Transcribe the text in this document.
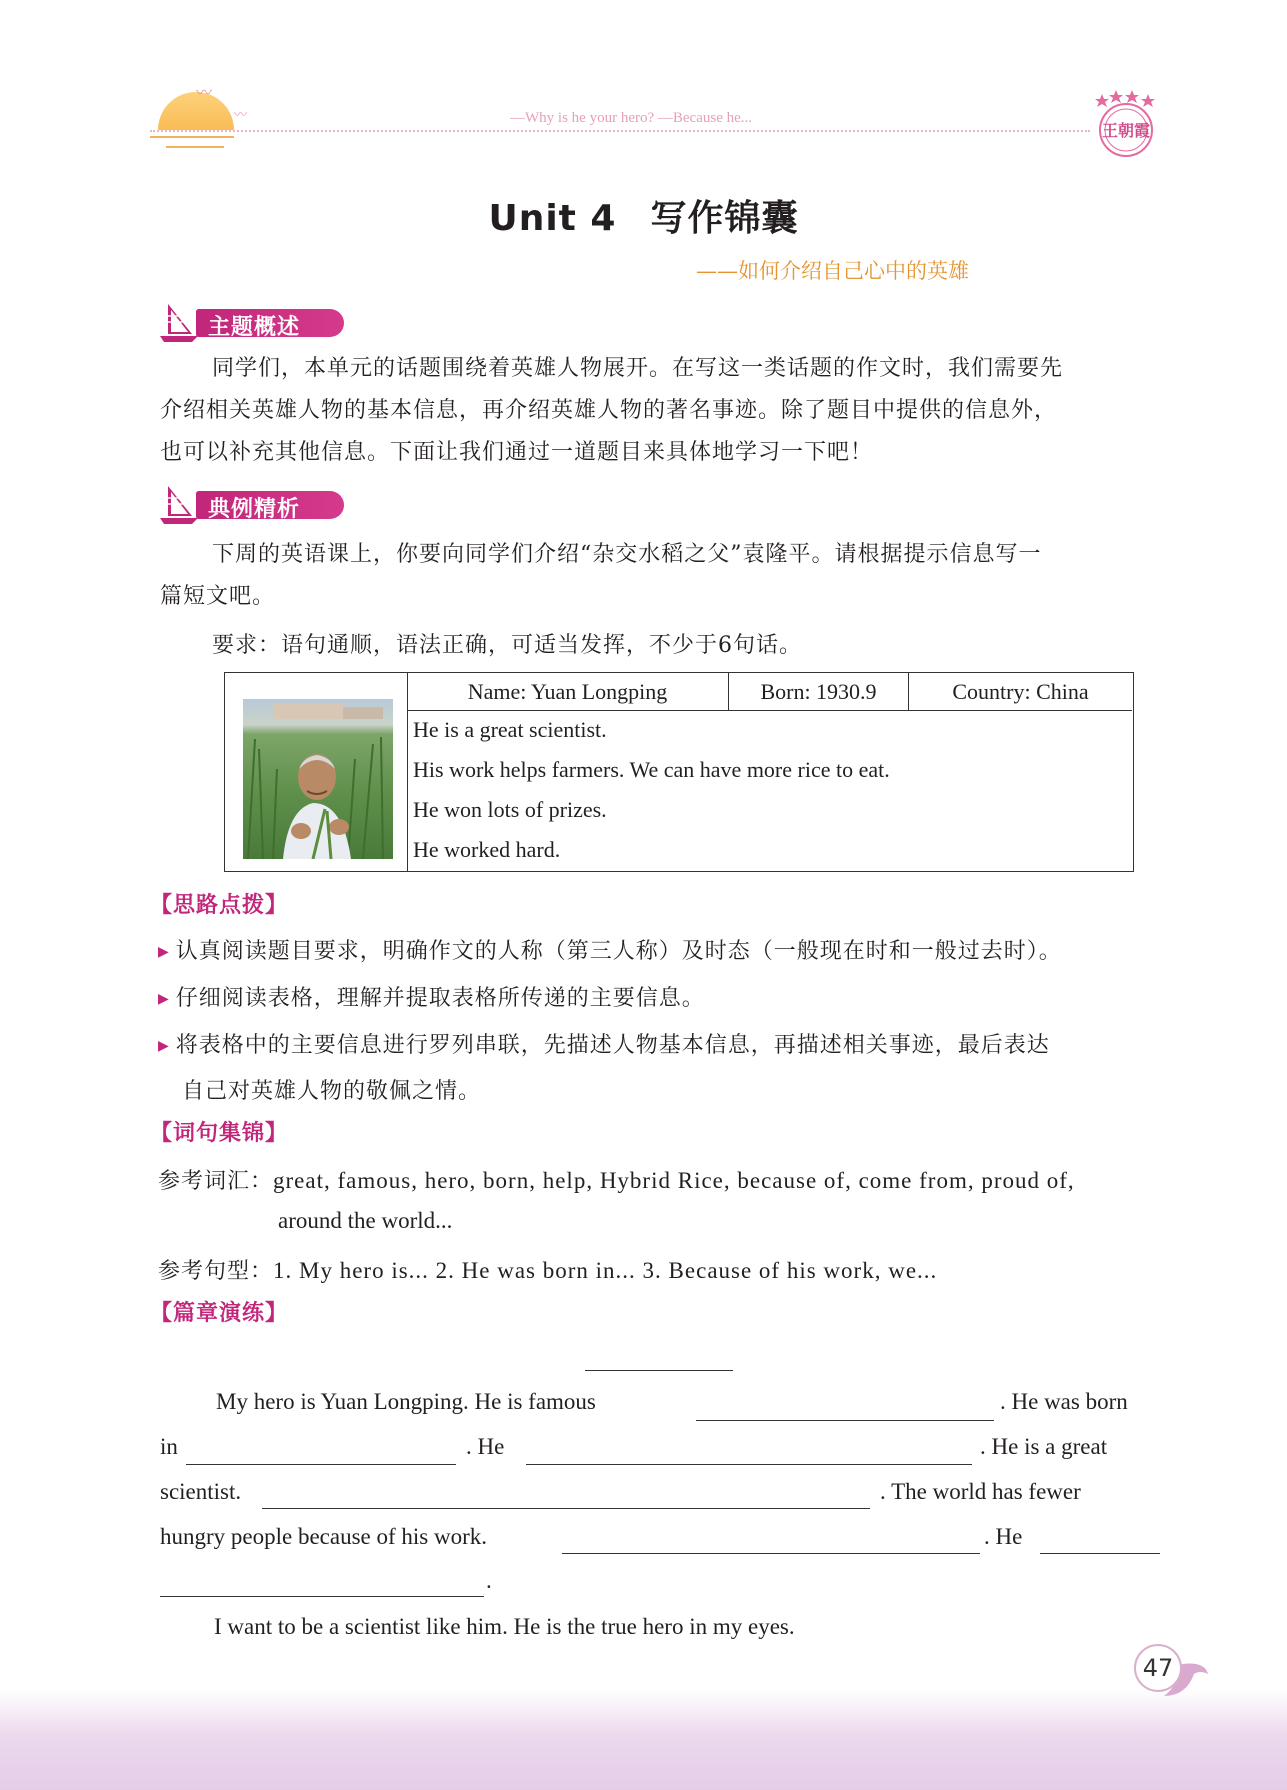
〰
〰	—Why is he your hero? —Because he...
王朝霞
Unit 4 写作锦囊
——如何介绍自己心中的英雄
主题概述
同学们，本单元的话题围绕着英雄人物展开。在写这一类话题的作文时，我们需要先
介绍相关英雄人物的基本信息，再介绍英雄人物的著名事迹。除了题目中提供的信息外，
也可以补充其他信息。下面让我们通过一道题目来具体地学习一下吧！
典例精析
下周的英语课上，你要向同学们介绍“杂交水稻之父”袁隆平。请根据提示信息写一
篇短文吧。
要求：语句通顺，语法正确，可适当发挥，不少于6句话。
Name: Yuan Longping	Born: 1930.9	Country: China
He is a great scientist.
His work helps farmers. We can have more rice to eat.
He won lots of prizes.
He worked hard.
【思路点拨】
▶ 认真阅读题目要求，明确作文的人称（第三人称）及时态（一般现在时和一般过去时）。
▶ 仔细阅读表格，理解并提取表格所传递的主要信息。
▶ 将表格中的主要信息进行罗列串联，先描述人物基本信息，再描述相关事迹，最后表达
自己对英雄人物的敬佩之情。
【词句集锦】
参考词汇：great, famous, hero, born, help, Hybrid Rice, because of, come from, proud of,
around the world...
参考句型：1. My hero is... 2. He was born in... 3. Because of his work, we...
【篇章演练】
My hero is Yuan Longping. He is famous	. He was born
in	. He	. He is a great
scientist.	. The world has fewer
hungry people because of his work.	. He
.
I want to be a scientist like him. He is the true hero in my eyes.
47
